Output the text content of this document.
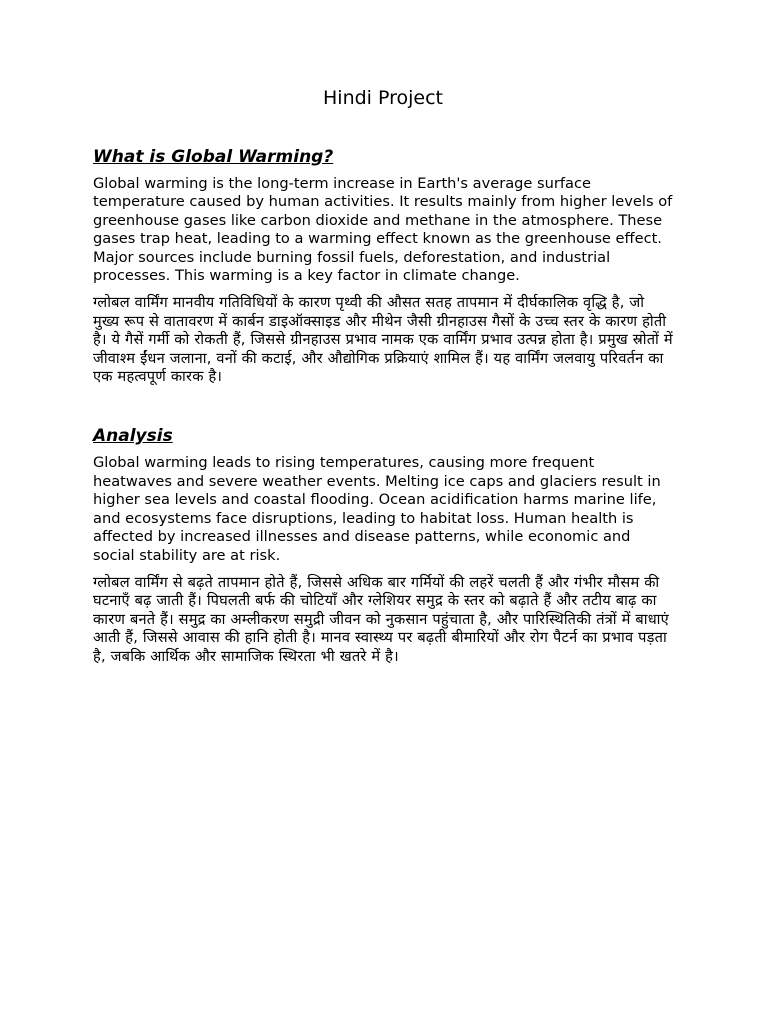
Hindi Project
What is Global Warming?

Global warming is the long-term increase in Earth's average surface temperature caused by human activities. It results mainly from higher levels of greenhouse gases like carbon dioxide and methane in the atmosphere. These gases trap heat, leading to a warming effect known as the greenhouse effect. Major sources include burning fossil fuels, deforestation, and industrial processes. This warming is a key factor in climate change.

ग्लोबल वार्मिंग मानवीय गतिविधियों के कारण पृथ्वी की औसत सतह तापमान में दीर्घकालिक वृद्धि है, जो मुख्य रूप से वातावरण में कार्बन डाइऑक्साइड और मीथेन जैसी ग्रीनहाउस गैसों के उच्च स्तर के कारण होती है। ये गैसें गर्मी को रोकती हैं, जिससे ग्रीनहाउस प्रभाव नामक एक वार्मिंग प्रभाव उत्पन्न होता है। प्रमुख स्रोतों में जीवाश्म ईंधन जलाना, वनों की कटाई, और औद्योगिक प्रक्रियाएं शामिल हैं। यह वार्मिंग जलवायु परिवर्तन का एक महत्वपूर्ण कारक है।

Analysis

Global warming leads to rising temperatures, causing more frequent heatwaves and severe weather events. Melting ice caps and glaciers result in higher sea levels and coastal flooding. Ocean acidification harms marine life, and ecosystems face disruptions, leading to habitat loss. Human health is affected by increased illnesses and disease patterns, while economic and social stability are at risk.

ग्लोबल वार्मिंग से बढ़ते तापमान होते हैं, जिससे अधिक बार गर्मियों की लहरें चलती हैं और गंभीर मौसम की घटनाएँ बढ़ जाती हैं। पिघलती बर्फ की चोटियाँ और ग्लेशियर समुद्र के स्तर को बढ़ाते हैं और तटीय बाढ़ का कारण बनते हैं। समुद्र का अम्लीकरण समुद्री जीवन को नुकसान पहुंचाता है, और पारिस्थितिकी तंत्रों में बाधाएं आती हैं, जिससे आवास की हानि होती है। मानव स्वास्थ्य पर बढ़ती बीमारियों और रोग पैटर्न का प्रभाव पड़ता है, जबकि आर्थिक और सामाजिक स्थिरता भी खतरे में है।
